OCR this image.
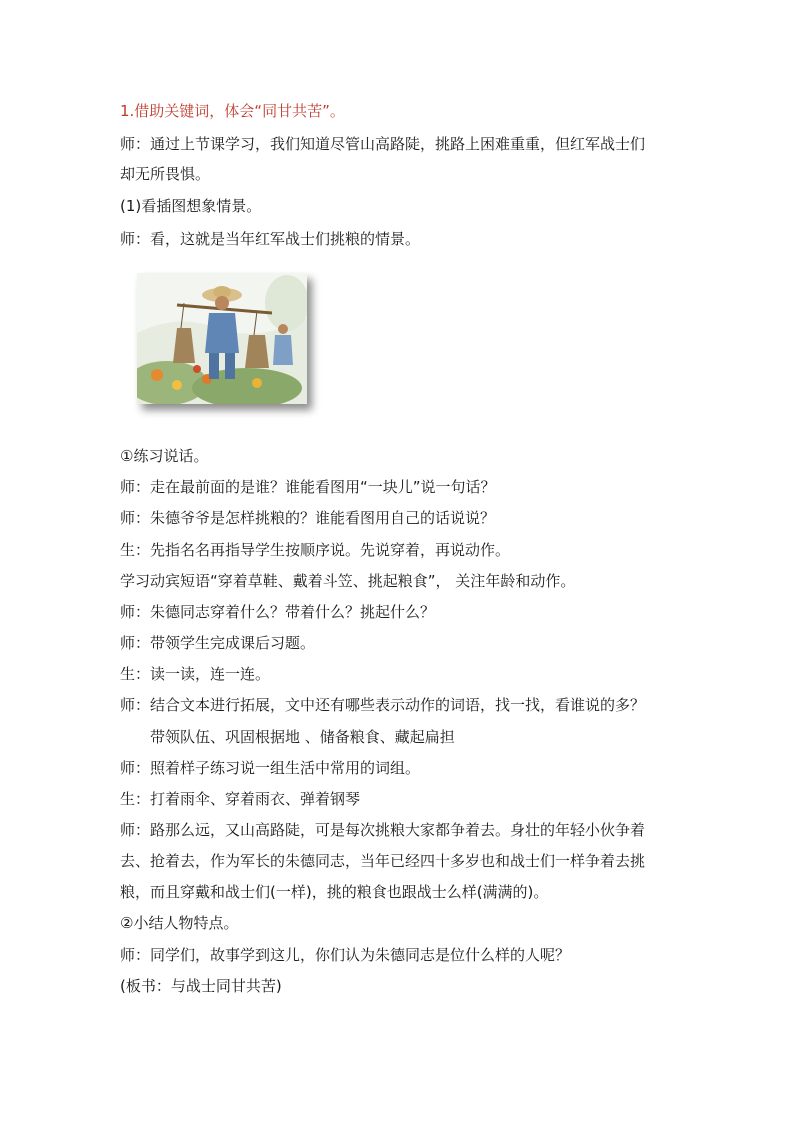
1.借助关键词，体会“同甘共苦”。
师：通过上节课学习，我们知道尽管山高路陡，挑路上困难重重，但红军战士们
却无所畏惧。
(1)看插图想象情景。
师：看，这就是当年红军战士们挑粮的情景。
①练习说话。
师：走在最前面的是谁？谁能看图用“一块儿”说一句话？
师：朱德爷爷是怎样挑粮的？谁能看图用自己的话说说？
生：先指名名再指导学生按顺序说。先说穿着，再说动作。
学习动宾短语“穿着草鞋、戴着斗笠、挑起粮食”， 关注年龄和动作。
师：朱德同志穿着什么？带着什么？挑起什么？
师：带领学生完成课后习题。
生：读一读，连一连。
师：结合文本进行拓展，文中还有哪些表示动作的词语，找一找，看谁说的多？
带领队伍、巩固根据地 、储备粮食、藏起扁担
师：照着样子练习说一组生活中常用的词组。
生：打着雨伞、穿着雨衣、弹着钢琴
师：路那么远，又山高路陡，可是每次挑粮大家都争着去。身壮的年轻小伙争着
去、抢着去，作为军长的朱德同志，当年已经四十多岁也和战士们一样争着去挑
粮，而且穿戴和战士们(一样)，挑的粮食也跟战士么样(满满的)。
②小结人物特点。
师：同学们，故事学到这儿，你们认为朱德同志是位什么样的人呢？
(板书：与战士同甘共苦)
